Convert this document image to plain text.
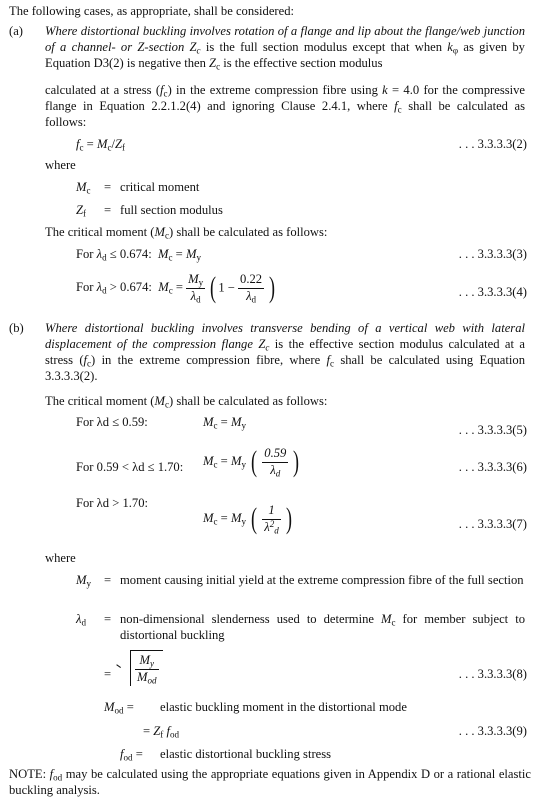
The following cases, as appropriate, shall be considered:
(a) Where distortional buckling involves rotation of a flange and lip about the flange/web junction of a channel- or Z-section $Z_c$ is the full section modulus except that when $k_\varphi$ as given by Equation D3(2) is negative then $Z_c$ is the effective section modulus
calculated at a stress $(f_c)$ in the extreme compression fibre using k = 4.0 for the compressive flange in Equation 2.2.1.2(4) and ignoring Clause 2.4.1, where $f_c$ shall be calculated as follows:
$f_c = M_c/Z_f$	. . . 3.3.3.3(2)
where
$M_c$ = critical moment
$Z_f$ = full section modulus
The critical moment $(M_c)$ shall be calculated as follows:
For $\lambda_d \le 0.674$:  $M_c = M_y$	. . . 3.3.3.3(3)
For $\lambda_d > 0.674$:  $M_c = \frac{M_y}{\lambda_d}$ ( $1 - \frac{0.22}{\lambda_d}$ )	. . . 3.3.3.3(4)
(b) Where distortional buckling involves transverse bending of a vertical web with lateral displacement of the compression flange $Z_c$ is the effective section modulus calculated at a stress $(f_c)$ in the extreme compression fibre, where $f_c$ shall be calculated using Equation 3.3.3.3(2).
The critical moment $(M_c)$ shall be calculated as follows:
For λd ≤ 0.59:	$M_c = M_y$	. . . 3.3.3.3(5)
For 0.59 < λd ≤ 1.70: $M_c = M_y$ ( $\frac{0.59}{\lambda_d}$ )	. . . 3.3.3.3(6)
For λd > 1.70:
$M_c = M_y$ ( $\frac{1}{\lambda^2_d}$ )	. . . 3.3.3.3(7)
where
$M_y$ = moment causing initial yield at the extreme compression fibre of the full section
$\lambda_d$ = non-dimensional slenderness used to determine $M_c$ for member subject to distortional buckling
= $\frac{M_y}{M_{od}}$	. . . 3.3.3.3(8)
$M_{od}$ = elastic buckling moment in the distortional mode
= $Z_f$ $f_{od}$	. . . 3.3.3.3(9)
$f_{od}$ = elastic distortional buckling stress
NOTE: $f_{od}$ may be calculated using the appropriate equations given in Appendix D or a rational elastic buckling analysis.
